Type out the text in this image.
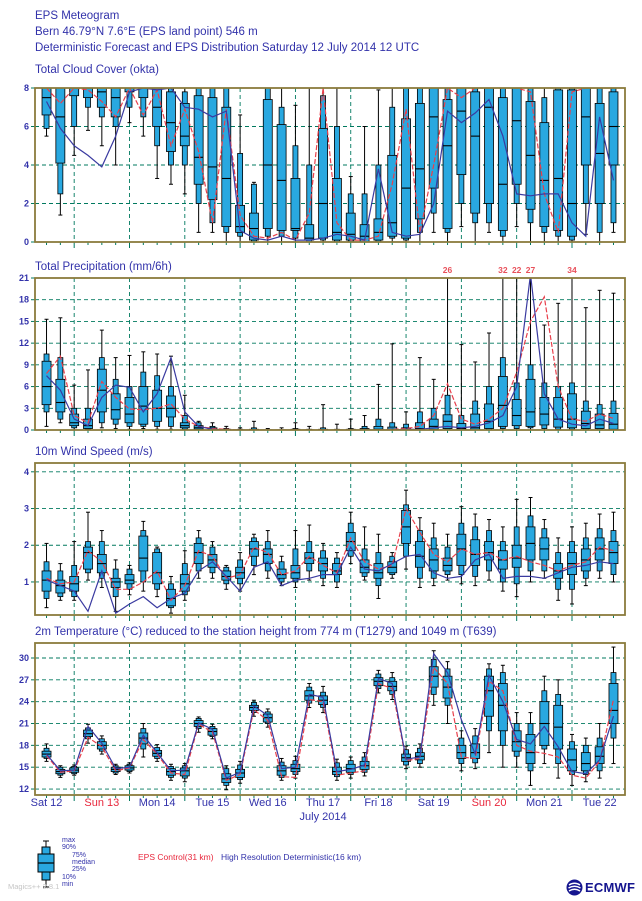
EPS Meteogram
Bern 46.79°N 7.6°E (EPS land point) 546 m
Deterministic Forecast and EPS Distribution Saturday 12 July 2014 12 UTC
Total Cloud Cover (okta)
Total Precipitation (mm/6h)
10m Wind Speed (m/s)
2m Temperature (°C) reduced to the station height from 774 m (T1279) and 1049 m (T639)
0
2
4
6
8
0
3
6
9
12
15
18
21
26	32 22 27	34
1
2
3
4
12
15
18
21
24
27
30
Sat 12	Sun 13	Mon 14	Tue 15	Wed 16	Thu 17	Fri 18	Sat 19	Sun 20	Mon 21	Tue 22
July 2014
max
90%
75%
median
25%
10%
min
EPS Control(31 km) High Resolution Deterministic(16 km)
Magics++ 2.8.1	ECMWF
